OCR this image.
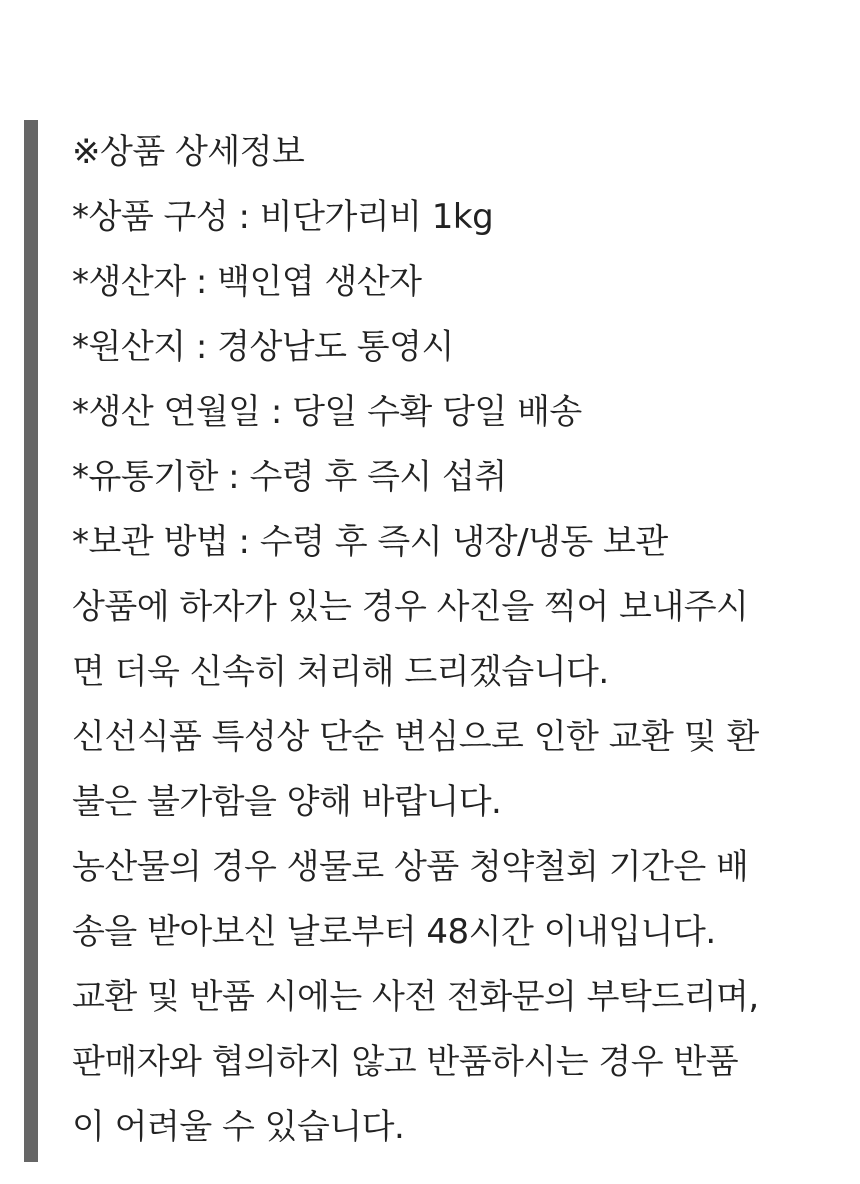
※상품 상세정보
*상품 구성 : 비단가리비 1kg
*생산자 : 백인엽 생산자
*원산지 : 경상남도 통영시
*생산 연월일 : 당일 수확 당일 배송
*유통기한 : 수령 후 즉시 섭취
*보관 방법 : 수령 후 즉시 냉장/냉동 보관
상품에 하자가 있는 경우 사진을 찍어 보내주시
면 더욱 신속히 처리해 드리겠습니다.
신선식품 특성상 단순 변심으로 인한 교환 및 환
불은 불가함을 양해 바랍니다.
농산물의 경우 생물로 상품 청약철회 기간은 배
송을 받아보신 날로부터 48시간 이내입니다.
교환 및 반품 시에는 사전 전화문의 부탁드리며,
판매자와 협의하지 않고 반품하시는 경우 반품
이 어려울 수 있습니다.
